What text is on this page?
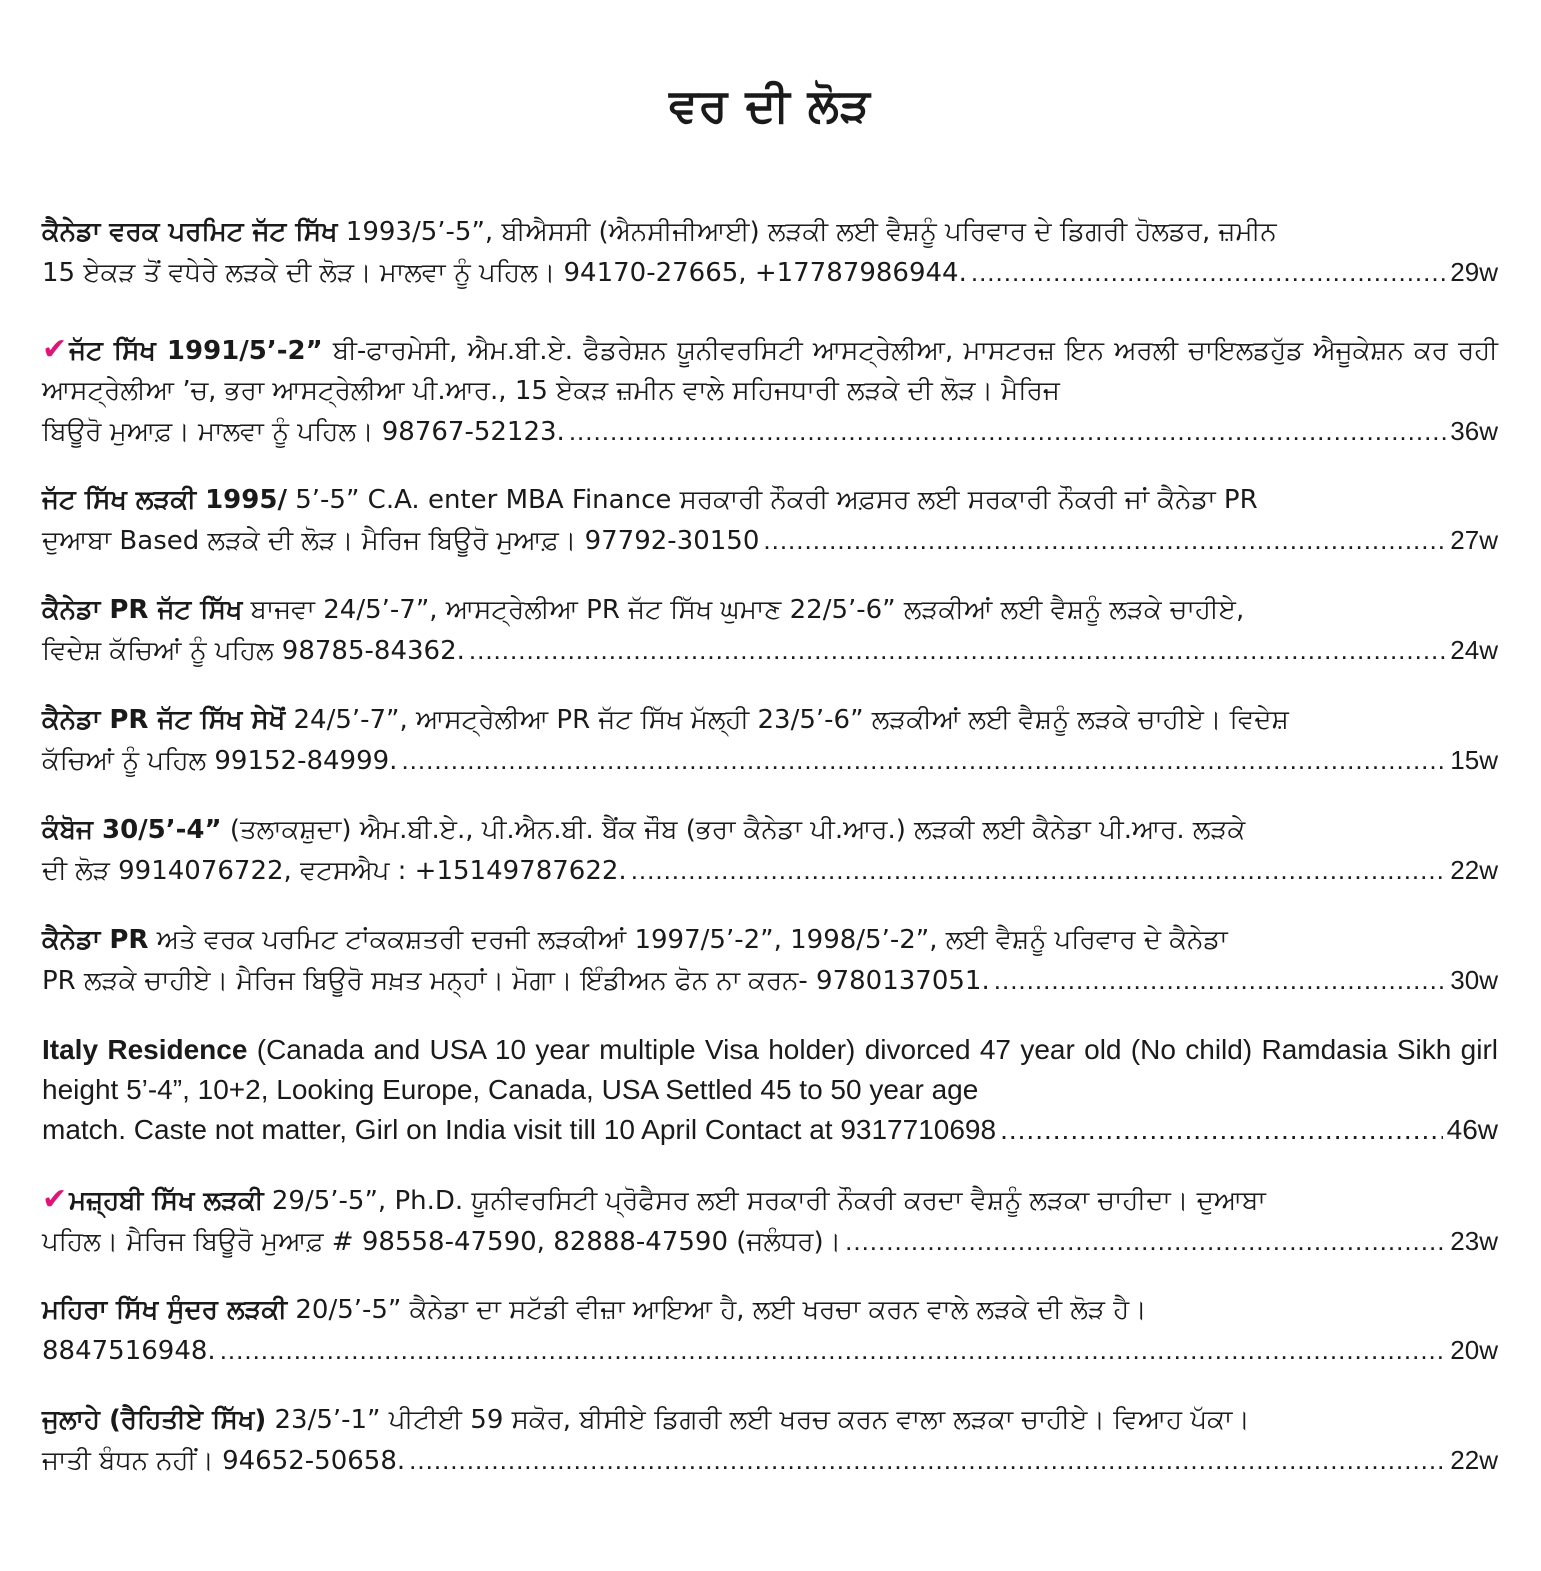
ਵਰ ਦੀ ਲੋੜ
ਕੈਨੇਡਾ ਵਰਕ ਪਰਮਿਟ ਜੱਟ ਸਿੱਖ 1993/5’-5”, ਬੀਐਸਸੀ (ਐਨਸੀਜੀਆਈ) ਲੜਕੀ ਲਈ ਵੈਸ਼ਨੂੰ ਪਰਿਵਾਰ ਦੇ ਡਿਗਰੀ ਹੋਲਡਰ, ਜ਼ਮੀਨ
15 ਏਕੜ ਤੋਂ ਵਧੇਰੇ ਲੜਕੇ ਦੀ ਲੋੜ। ਮਾਲਵਾ ਨੂੰ ਪਹਿਲ। 94170-27665, +17787986944. .....	29w
✔ਜੱਟ ਸਿੱਖ 1991/5’-2” ਬੀ-ਫਾਰਮੇਸੀ, ਐਮ.ਬੀ.ਏ. ਫੈਡਰੇਸ਼ਨ ਯੂਨੀਵਰਸਿਟੀ ਆਸਟ੍ਰੇਲੀਆ, ਮਾਸਟਰਜ਼ ਇਨ ਅਰਲੀ ਚਾਇਲਡਹੁੱਡ ਐਜੂਕੇਸ਼ਨ ਕਰ ਰਹੀ ਆਸਟ੍ਰੇਲੀਆ ’ਚ, ਭਰਾ ਆਸਟ੍ਰੇਲੀਆ ਪੀ.ਆਰ., 15 ਏਕੜ ਜ਼ਮੀਨ ਵਾਲੇ ਸਹਿਜਧਾਰੀ ਲੜਕੇ ਦੀ ਲੋੜ। ਮੈਰਿਜ
ਬਿਊਰੋ ਮੁਆਫ਼। ਮਾਲਵਾ ਨੂੰ ਪਹਿਲ। 98767-52123. .....	36w
ਜੱਟ ਸਿੱਖ ਲੜਕੀ 1995/ 5’-5” C.A. enter MBA Finance ਸਰਕਾਰੀ ਨੌਕਰੀ ਅਫ਼ਸਰ ਲਈ ਸਰਕਾਰੀ ਨੌਕਰੀ ਜਾਂ ਕੈਨੇਡਾ PR
ਦੁਆਬਾ Based ਲੜਕੇ ਦੀ ਲੋੜ। ਮੈਰਿਜ ਬਿਊਰੋ ਮੁਆਫ਼। 97792-30150 .....	27w
ਕੈਨੇਡਾ PR ਜੱਟ ਸਿੱਖ ਬਾਜਵਾ 24/5’-7”, ਆਸਟ੍ਰੇਲੀਆ PR ਜੱਟ ਸਿੱਖ ਘੁਮਾਣ 22/5’-6” ਲੜਕੀਆਂ ਲਈ ਵੈਸ਼ਨੂੰ ਲੜਕੇ ਚਾਹੀਏ,
ਵਿਦੇਸ਼ ਕੱਚਿਆਂ ਨੂੰ ਪਹਿਲ 98785-84362. .....	24w
ਕੈਨੇਡਾ PR ਜੱਟ ਸਿੱਖ ਸੇਖੋਂ 24/5’-7”, ਆਸਟ੍ਰੇਲੀਆ PR ਜੱਟ ਸਿੱਖ ਮੱਲ੍ਹੀ 23/5’-6” ਲੜਕੀਆਂ ਲਈ ਵੈਸ਼ਨੂੰ ਲੜਕੇ ਚਾਹੀਏ। ਵਿਦੇਸ਼
ਕੱਚਿਆਂ ਨੂੰ ਪਹਿਲ 99152-84999. .....	15w
ਕੰਬੋਜ 30/5’-4” (ਤਲਾਕਸ਼ੁਦਾ) ਐਮ.ਬੀ.ਏ., ਪੀ.ਐਨ.ਬੀ. ਬੈਂਕ ਜੌਬ (ਭਰਾ ਕੈਨੇਡਾ ਪੀ.ਆਰ.) ਲੜਕੀ ਲਈ ਕੈਨੇਡਾ ਪੀ.ਆਰ. ਲੜਕੇ
ਦੀ ਲੋੜ 9914076722, ਵਟਸਐਪ : +15149787622. .....	22w
ਕੈਨੇਡਾ PR ਅਤੇ ਵਰਕ ਪਰਮਿਟ ਟਾਂਕਕਸ਼ਤਰੀ ਦਰਜੀ ਲੜਕੀਆਂ 1997/5’-2”, 1998/5’-2”, ਲਈ ਵੈਸ਼ਨੂੰ ਪਰਿਵਾਰ ਦੇ ਕੈਨੇਡਾ
PR ਲੜਕੇ ਚਾਹੀਏ। ਮੈਰਿਜ ਬਿਊਰੋ ਸਖ਼ਤ ਮਨ੍ਹਾਂ। ਮੋਗਾ। ਇੰਡੀਅਨ ਫੋਨ ਨਾ ਕਰਨ- 9780137051. .....	30w
Italy Residence (Canada and USA 10 year multiple Visa holder) divorced 47 year old (No child) Ramdasia Sikh girl height 5’-4”, 10+2, Looking Europe, Canada, USA Settled 45 to 50 year age
match. Caste not matter, Girl on India visit till 10 April Contact at 9317710698 .....	46w
✔ਮਜ਼੍ਹਬੀ ਸਿੱਖ ਲੜਕੀ 29/5’-5”, Ph.D. ਯੂਨੀਵਰਸਿਟੀ ਪ੍ਰੋਫੈਸਰ ਲਈ ਸਰਕਾਰੀ ਨੌਕਰੀ ਕਰਦਾ ਵੈਸ਼ਨੂੰ ਲੜਕਾ ਚਾਹੀਦਾ। ਦੁਆਬਾ
ਪਹਿਲ। ਮੈਰਿਜ ਬਿਊਰੋ ਮੁਆਫ਼ # 98558-47590, 82888-47590 (ਜਲੰਧਰ)। .....	23w
ਮਹਿਰਾ ਸਿੱਖ ਸੁੰਦਰ ਲੜਕੀ 20/5’-5” ਕੈਨੇਡਾ ਦਾ ਸਟੱਡੀ ਵੀਜ਼ਾ ਆਇਆ ਹੈ, ਲਈ ਖਰਚਾ ਕਰਨ ਵਾਲੇ ਲੜਕੇ ਦੀ ਲੋੜ ਹੈ।
8847516948. .....	20w
ਜੁਲਾਹੇ (ਰੈਹਿਤੀਏ ਸਿੱਖ) 23/5’-1” ਪੀਟੀਈ 59 ਸਕੋਰ, ਬੀਸੀਏ ਡਿਗਰੀ ਲਈ ਖਰਚ ਕਰਨ ਵਾਲਾ ਲੜਕਾ ਚਾਹੀਏ। ਵਿਆਹ ਪੱਕਾ।
ਜਾਤੀ ਬੰਧਨ ਨਹੀਂ। 94652-50658. .....	22w
